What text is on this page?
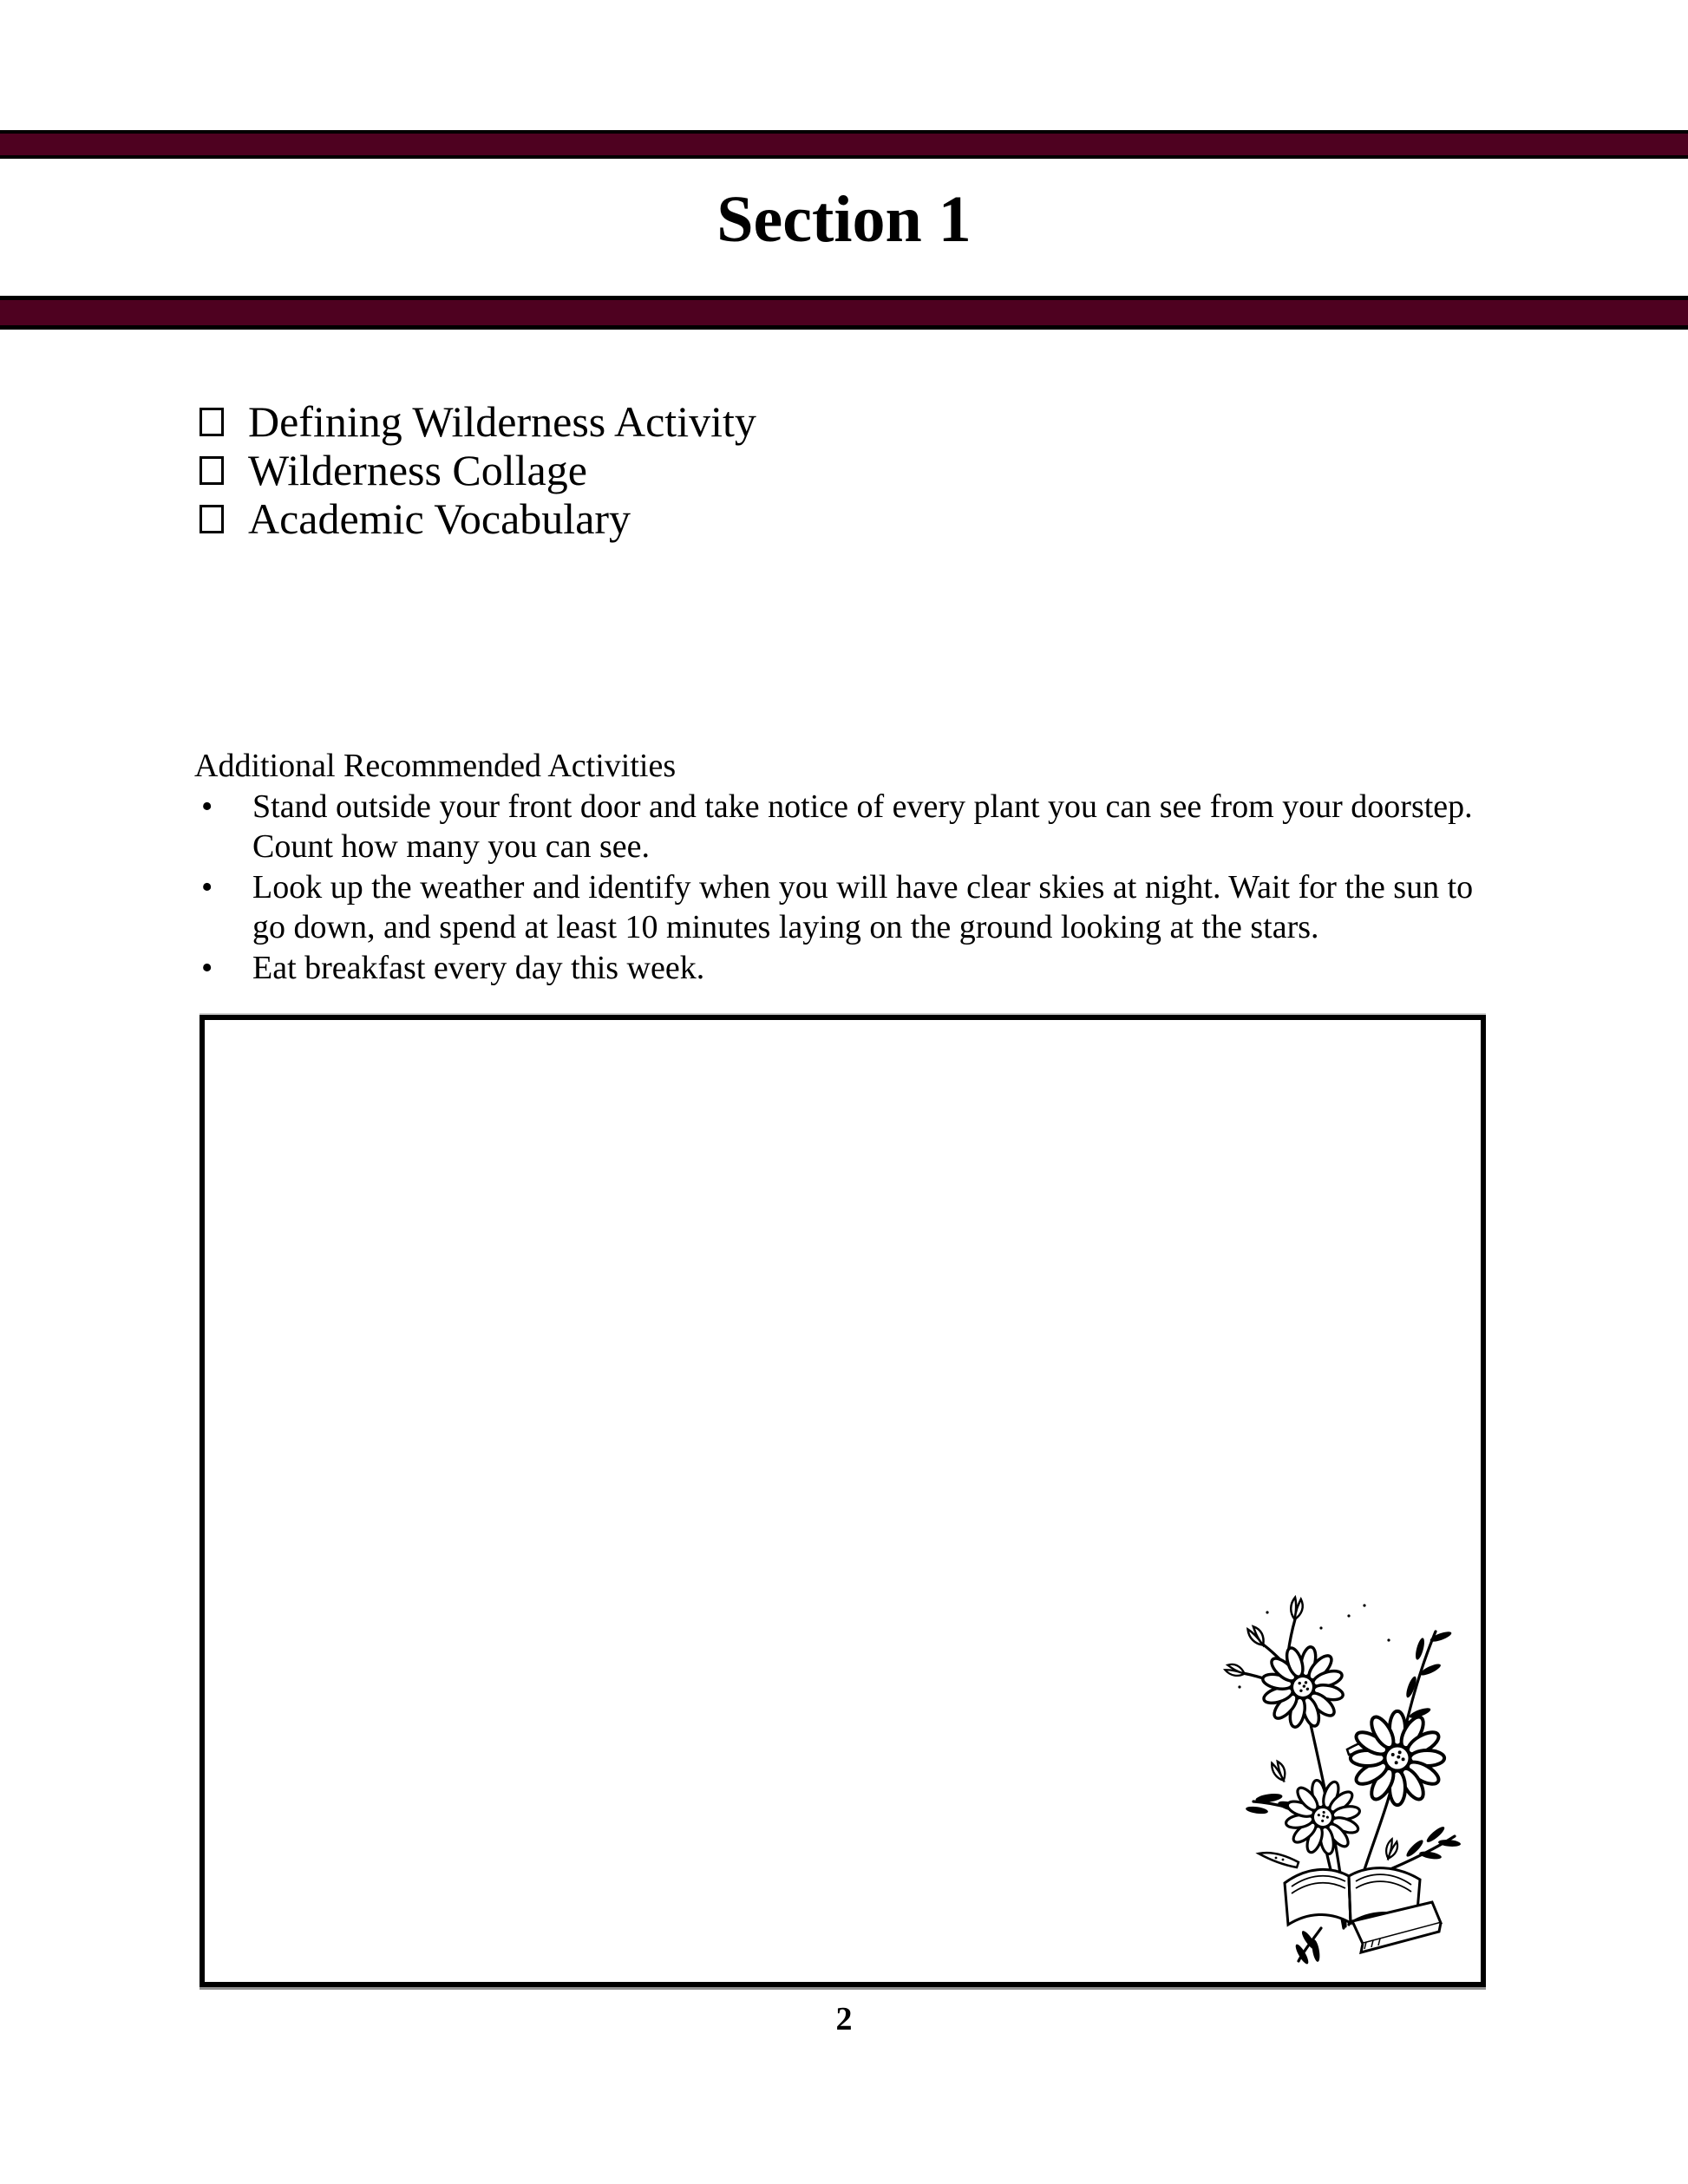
Section 1
Defining Wilderness Activity
Wilderness Collage
Academic Vocabulary

Additional Recommended Activities

• Stand outside your front door and take notice of every plant you can see from your doorstep. Count how many you can see.
• Look up the weather and identify when you will have clear skies at night. Wait for the sun to go down, and spend at least 10 minutes laying on the ground looking at the stars.
• Eat breakfast every day this week.
2
